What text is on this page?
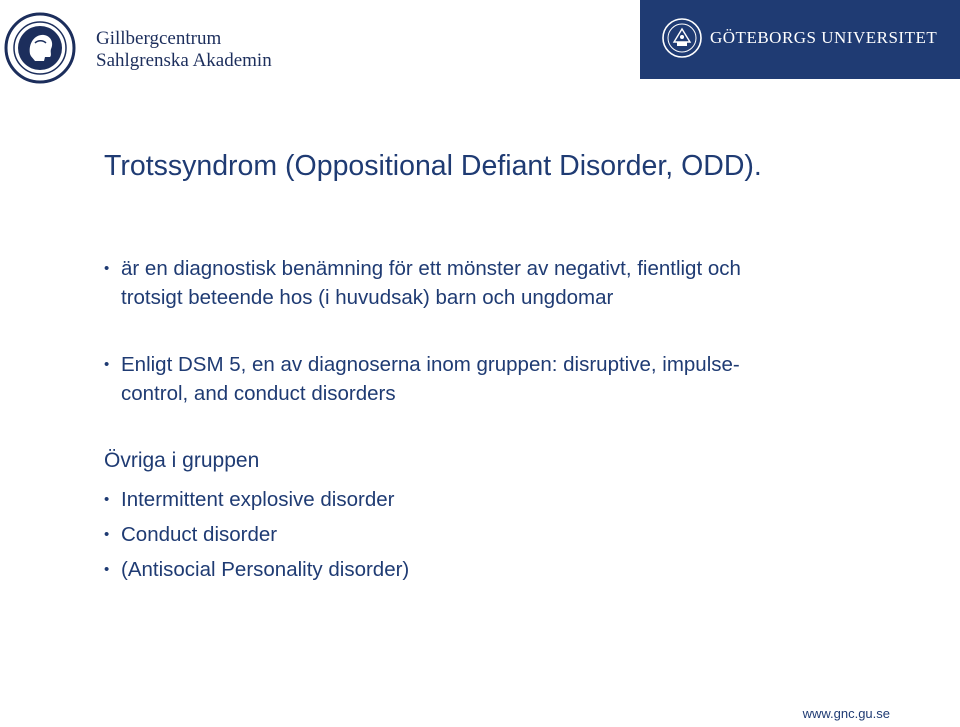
Gillbergcentrum
Sahlgrenska Akademin
GÖTEBORGS UNIVERSITET
Trotssyndrom (Oppositional Defiant Disorder, ODD).
• är en diagnostisk benämning för ett mönster av negativt, fientligt och trotsigt beteende hos (i huvudsak) barn och ungdomar
• Enligt DSM 5, en av diagnoserna inom gruppen: disruptive, impulse-control, and conduct disorders
Övriga i gruppen
• Intermittent explosive disorder
• Conduct disorder
• (Antisocial Personality disorder)
www.gnc.gu.se
